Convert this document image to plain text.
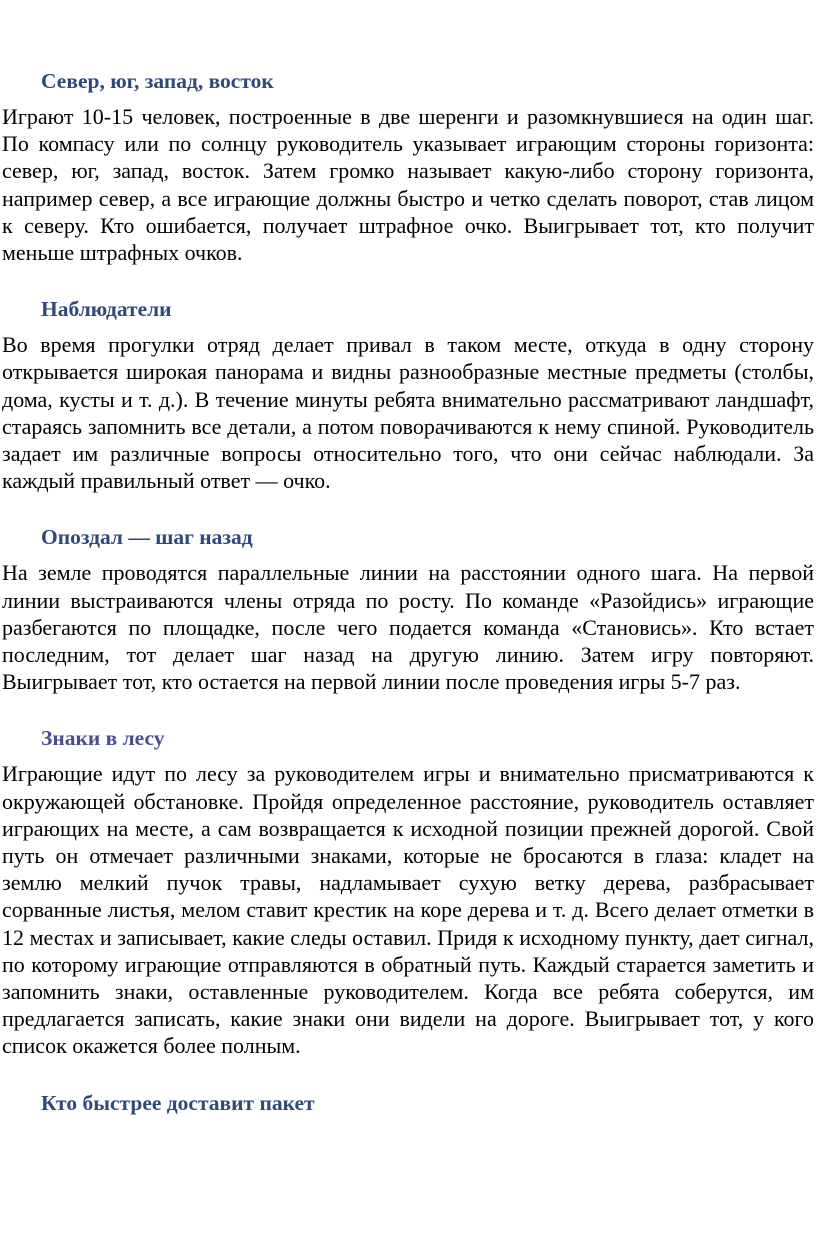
Север, юг, запад, восток

Играют 10-15 человек, построенные в две шеренги и разомкнувшиеся на один шаг. По компасу или по солнцу руководитель указывает играющим стороны горизонта: север, юг, запад, восток. Затем громко называет какую-либо сторону горизонта, например север, а все играющие должны быстро и четко сделать поворот, став лицом к северу. Кто ошибается, получает штрафное очко. Выигрывает тот, кто получит меньше штрафных очков.

Наблюдатели

Во время прогулки отряд делает привал в таком месте, откуда в одну сторону открывается широкая панорама и видны разнообразные местные предметы (столбы, дома, кусты и т. д.). В течение минуты ребята внимательно рассматривают ландшафт, стараясь запомнить все детали, а потом поворачиваются к нему спиной. Руководитель задает им различные вопросы относительно того, что они сейчас наблюдали. За каждый правильный ответ — очко.

Опоздал — шаг назад

На земле проводятся параллельные линии на расстоянии одного шага. На первой линии выстраиваются члены отряда по росту. По команде «Разойдись» играющие разбегаются по площадке, после чего подается команда «Становись». Кто встает последним, тот делает шаг назад на другую линию. Затем игру повторяют. Выигрывает тот, кто остается на первой линии после проведения игры 5-7 раз.

Знаки в лесу

Играющие идут по лесу за руководителем игры и внимательно присматриваются к окружающей обстановке. Пройдя определенное расстояние, руководитель оставляет играющих на месте, а сам возвращается к исходной позиции прежней дорогой. Свой путь он отмечает различными знаками, которые не бросаются в глаза: кладет на землю мелкий пучок травы, надламывает сухую ветку дерева, разбрасывает сорванные листья, мелом ставит крестик на коре дерева и т. д. Всего делает отметки в 12 местах и записывает, какие следы оставил. Придя к исходному пункту, дает сигнал, по которому играющие отправляются в обратный путь. Каждый старается заметить и запомнить знаки, оставленные руководителем. Когда все ребята соберутся, им предлагается записать, какие знаки они видели на дороге. Выигрывает тот, у кого список окажется более полным.

Кто быстрее доставит пакет
